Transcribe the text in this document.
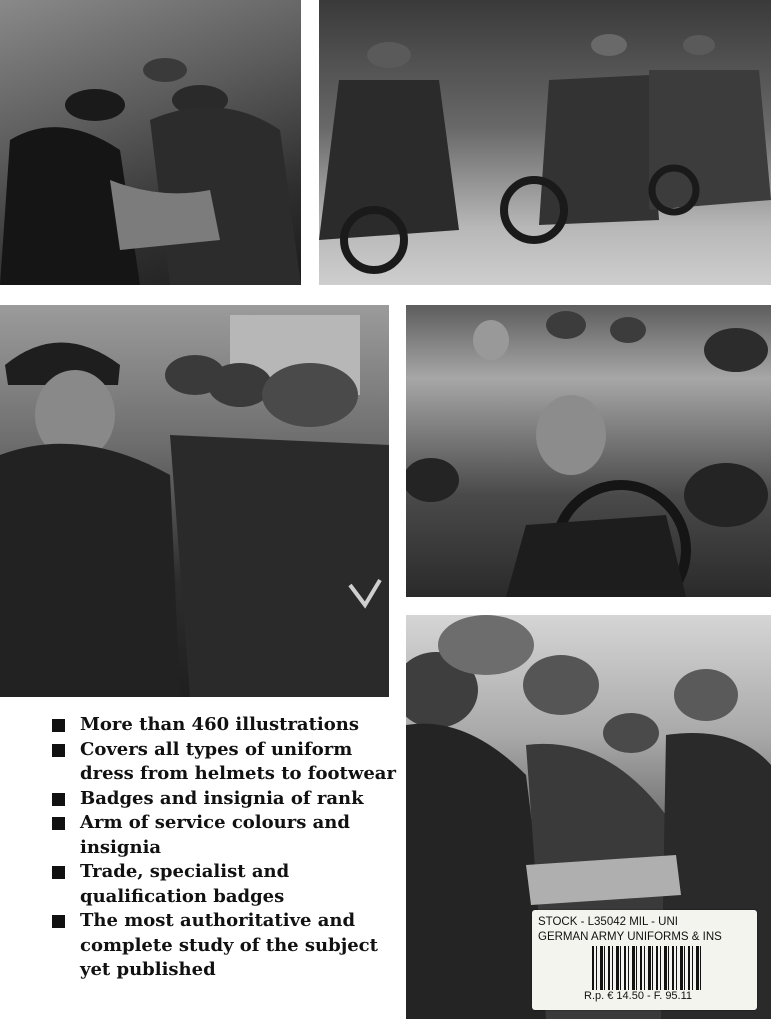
More than 460 illustrations
Covers all types of uniform dress from helmets to footwear
Badges and insignia of rank
Arm of service colours and insignia
Trade, specialist and qualification badges
The most authoritative and complete study of the subject yet published
STOCK - L35042 MIL - UNI
GERMAN ARMY UNIFORMS & INS
R.p. € 14.50 - F. 95.11
